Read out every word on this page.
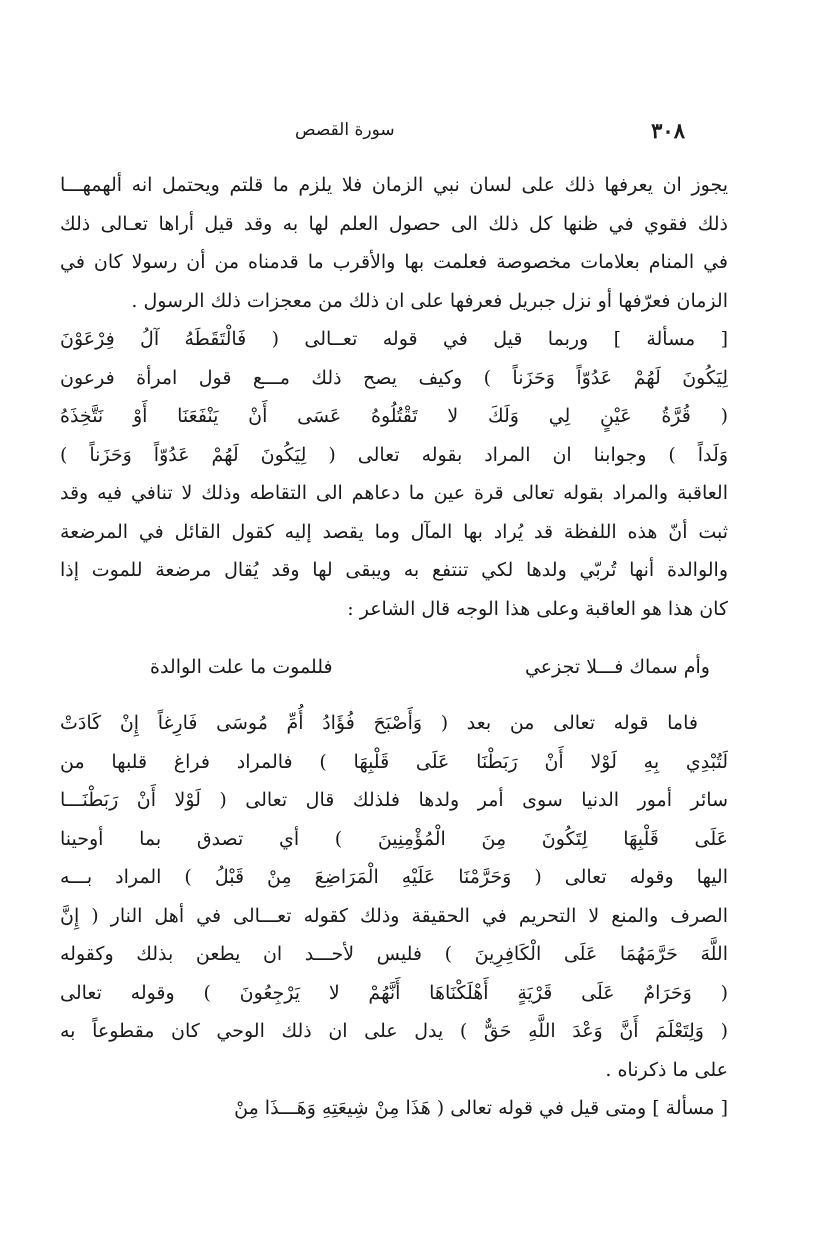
٣٠٨
سورة القصص
يجوز ان يعرفها ذلك على لسان نبي الزمان فلا يلزم ما قلتم ويحتمل انه ألهمهـــا
ذلك فقوي في ظنها كل ذلك الى حصول العلم لها به وقد قيل أراها تعـالى ذلك
في المنام بعلامات مخصوصة فعلمت بها والأقرب ما قدمناه من أن رسولا كان في
الزمان فعرّفها أو نزل جبريل فعرفها على ان ذلك من معجزات ذلك الرسول .
[ مسألة ] وربما قيل في قوله تعــالى ( فَالْتَقَطَهُ آلُ فِرْعَوْنَ
لِيَكُونَ لَهُمْ عَدُوّاً وَحَزَناً ) وكيف يصح ذلك مـــع قول امرأة فرعون
( قُرَّةُ عَيْنٍ لِي وَلَكَ لا تَقْتُلُوهُ عَسَى أَنْ يَنْفَعَنَا أَوْ نَتَّخِذَهُ
وَلَداً ) وجوابنا ان المراد بقوله تعالى ( لِيَكُونَ لَهُمْ عَدُوّاً وَحَزَناً )
العاقبة والمراد بقوله تعالى قرة عين ما دعاهم الى التقاطه وذلك لا تنافي فيه وقد
ثبت أنّ هذه اللفظة قد يُراد بها المآل وما يقصد إليه كقول القائل في المرضعة
والوالدة أنها تُربّي ولدها لكي تنتفع به ويبقى لها وقد يُقال مرضعة للموت إذا
كان هذا هو العاقبة وعلى هذا الوجه قال الشاعر :
وأم سماك فـــلا تجزعي
فللموت ما علت الوالدة
فاما قوله تعالى من بعد ( وَأَصْبَحَ فُؤَادُ أُمِّ مُوسَى فَارِغاً إِنْ كَادَتْ
لَتُبْدِي بِهِ لَوْلا أَنْ رَبَطْنَا عَلَى قَلْبِهَا ) فالمراد فراغ قلبها من
سائر أمور الدنيا سوى أمر ولدها فلذلك قال تعالى ( لَوْلا أَنْ رَبَطْنَـــا
عَلَى قَلْبِهَا لِتَكُونَ مِنَ الْمُؤْمِنِينَ ) أي تصدق بما أوحينا
اليها وقوله تعالى ( وَحَرَّمْنَا عَلَيْهِ الْمَرَاضِعَ مِنْ قَبْلُ ) المراد بـــه
الصرف والمنع لا التحريم في الحقيقة وذلك كقوله تعـــالى في أهل النار ( إِنَّ
اللَّهَ حَرَّمَهُمَا عَلَى الْكَافِرِينَ ) فليس لأحـــد ان يطعن بذلك وكقوله
( وَحَرَامٌ عَلَى قَرْيَةٍ أَهْلَكْنَاهَا أَنَّهُمْ لا يَرْجِعُونَ ) وقوله تعالى
( وَلِتَعْلَمَ أَنَّ وَعْدَ اللَّهِ حَقٌّ ) يدل على ان ذلك الوحي كان مقطوعاً به
على ما ذكرناه .
[ مسألة ] ومتى قيل في قوله تعالى ( هَذَا مِنْ شِيعَتِهِ وَهَـــذَا مِنْ
